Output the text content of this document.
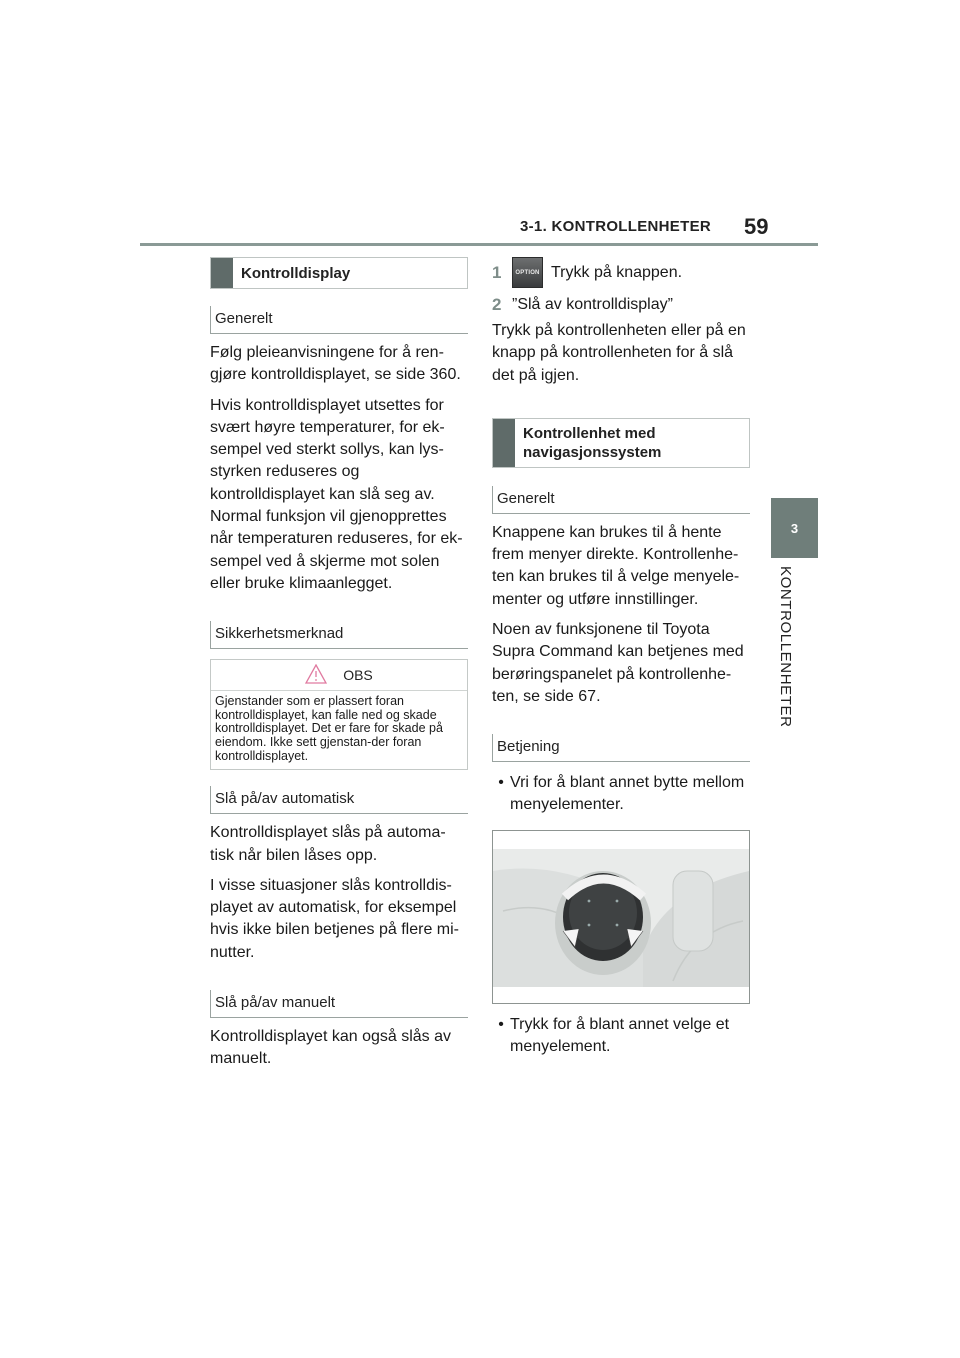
3-1. KONTROLLENHETER 59
3
KONTROLLENHETER
Kontrolldisplay
Generelt

Følg pleieanvisningene for å ren-gjøre kontrolldisplayet, se side 360.

Hvis kontrolldisplayet utsettes for svært høyre temperaturer, for ek-sempel ved sterkt sollys, kan lys-styrken reduseres og kontrolldisplayet kan slå seg av. Normal funksjon vil gjenopprettes når temperaturen reduseres, for ek-sempel ved å skjerme mot solen eller bruke klimaanlegget.

Sikkerhetsmerknad
OBS
Gjenstander som er plassert foran kontrolldisplayet, kan falle ned og skade kontrolldisplayet. Det er fare for skade på eiendom. Ikke sett gjenstan-der foran kontrolldisplayet.
Slå på/av automatisk

Kontrolldisplayet slås på automa-tisk når bilen låses opp.

I visse situasjoner slås kontrolldis-playet av automatisk, for eksempel hvis ikke bilen betjenes på flere mi-nutter.

Slå på/av manuelt

Kontrolldisplayet kan også slås av manuelt.

1	OPTION Trykk på knappen.
2 ”Slå av kontrolldisplay”

Trykk på kontrollenheten eller på en knapp på kontrollenheten for å slå det på igjen.

Kontrollenhet med navigasjonssystem
Generelt

Knappene kan brukes til å hente frem menyer direkte. Kontrollenhe-ten kan brukes til å velge menyele-menter og utføre innstillinger.

Noen av funksjonene til Toyota Supra Command kan betjenes med berøringspanelet på kontrollenhe-ten, se side 67.

Betjening
• Vri for å blant annet bytte mellom menyelementer.
• Trykk for å blant annet velge et menyelement.
